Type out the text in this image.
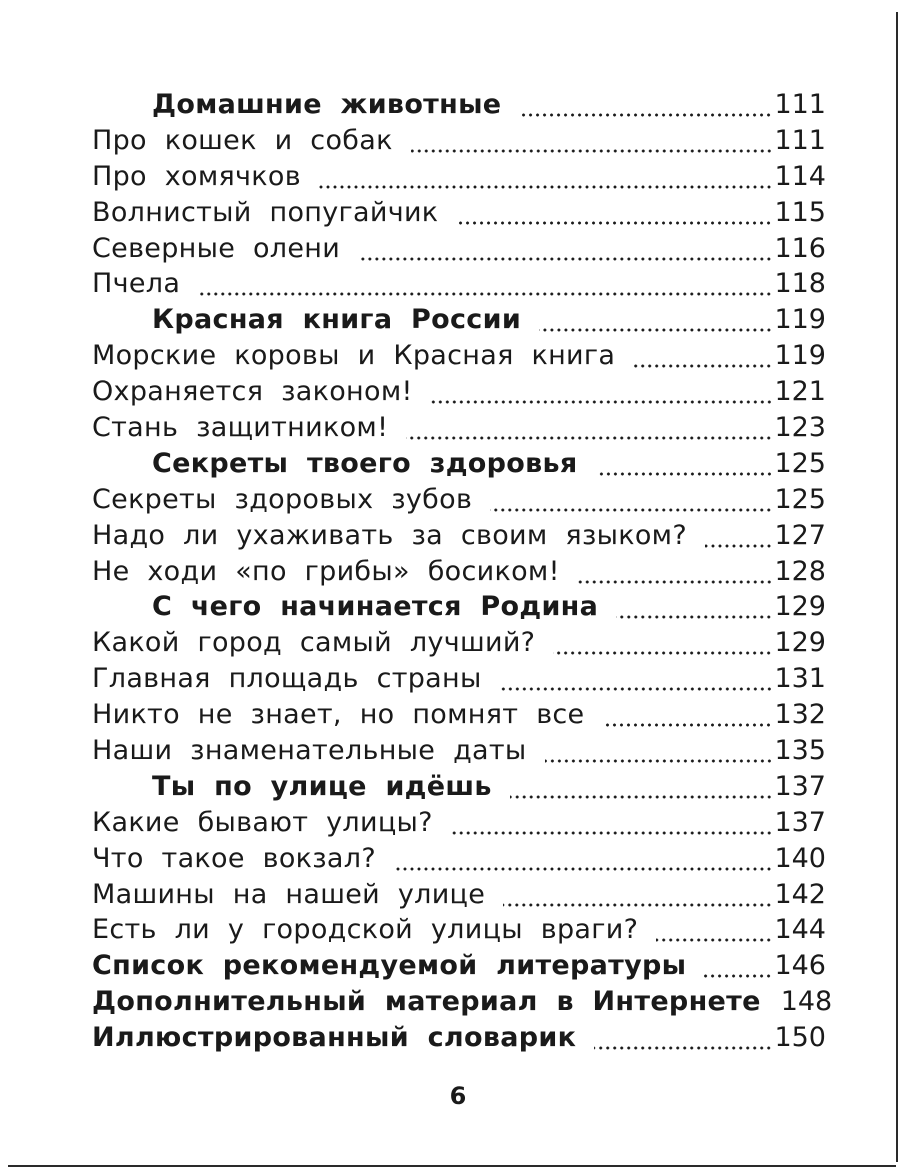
Домашние животные	111
Про кошек и собак	111
Про хомячков	114
Волнистый попугайчик	115
Северные олени	116
Пчела	118
Красная книга России	119
Морские коровы и Красная книга	119
Охраняется законом!	121
Стань защитником!	123
Секреты твоего здоровья	125
Секреты здоровых зубов	125
Надо ли ухаживать за своим языком?	127
Не ходи «по грибы» босиком!	128
С чего начинается Родина	129
Какой город самый лучший?	129
Главная площадь страны	131
Никто не знает, но помнят все	132
Наши знаменательные даты	135
Ты по улице идёшь	137
Какие бывают улицы?	137
Что такое вокзал?	140
Машины на нашей улице	142
Есть ли у городской улицы враги?	144
Список рекомендуемой литературы	146
Дополнительный материал в Интернете 148
Иллюстрированный словарик	150
6
